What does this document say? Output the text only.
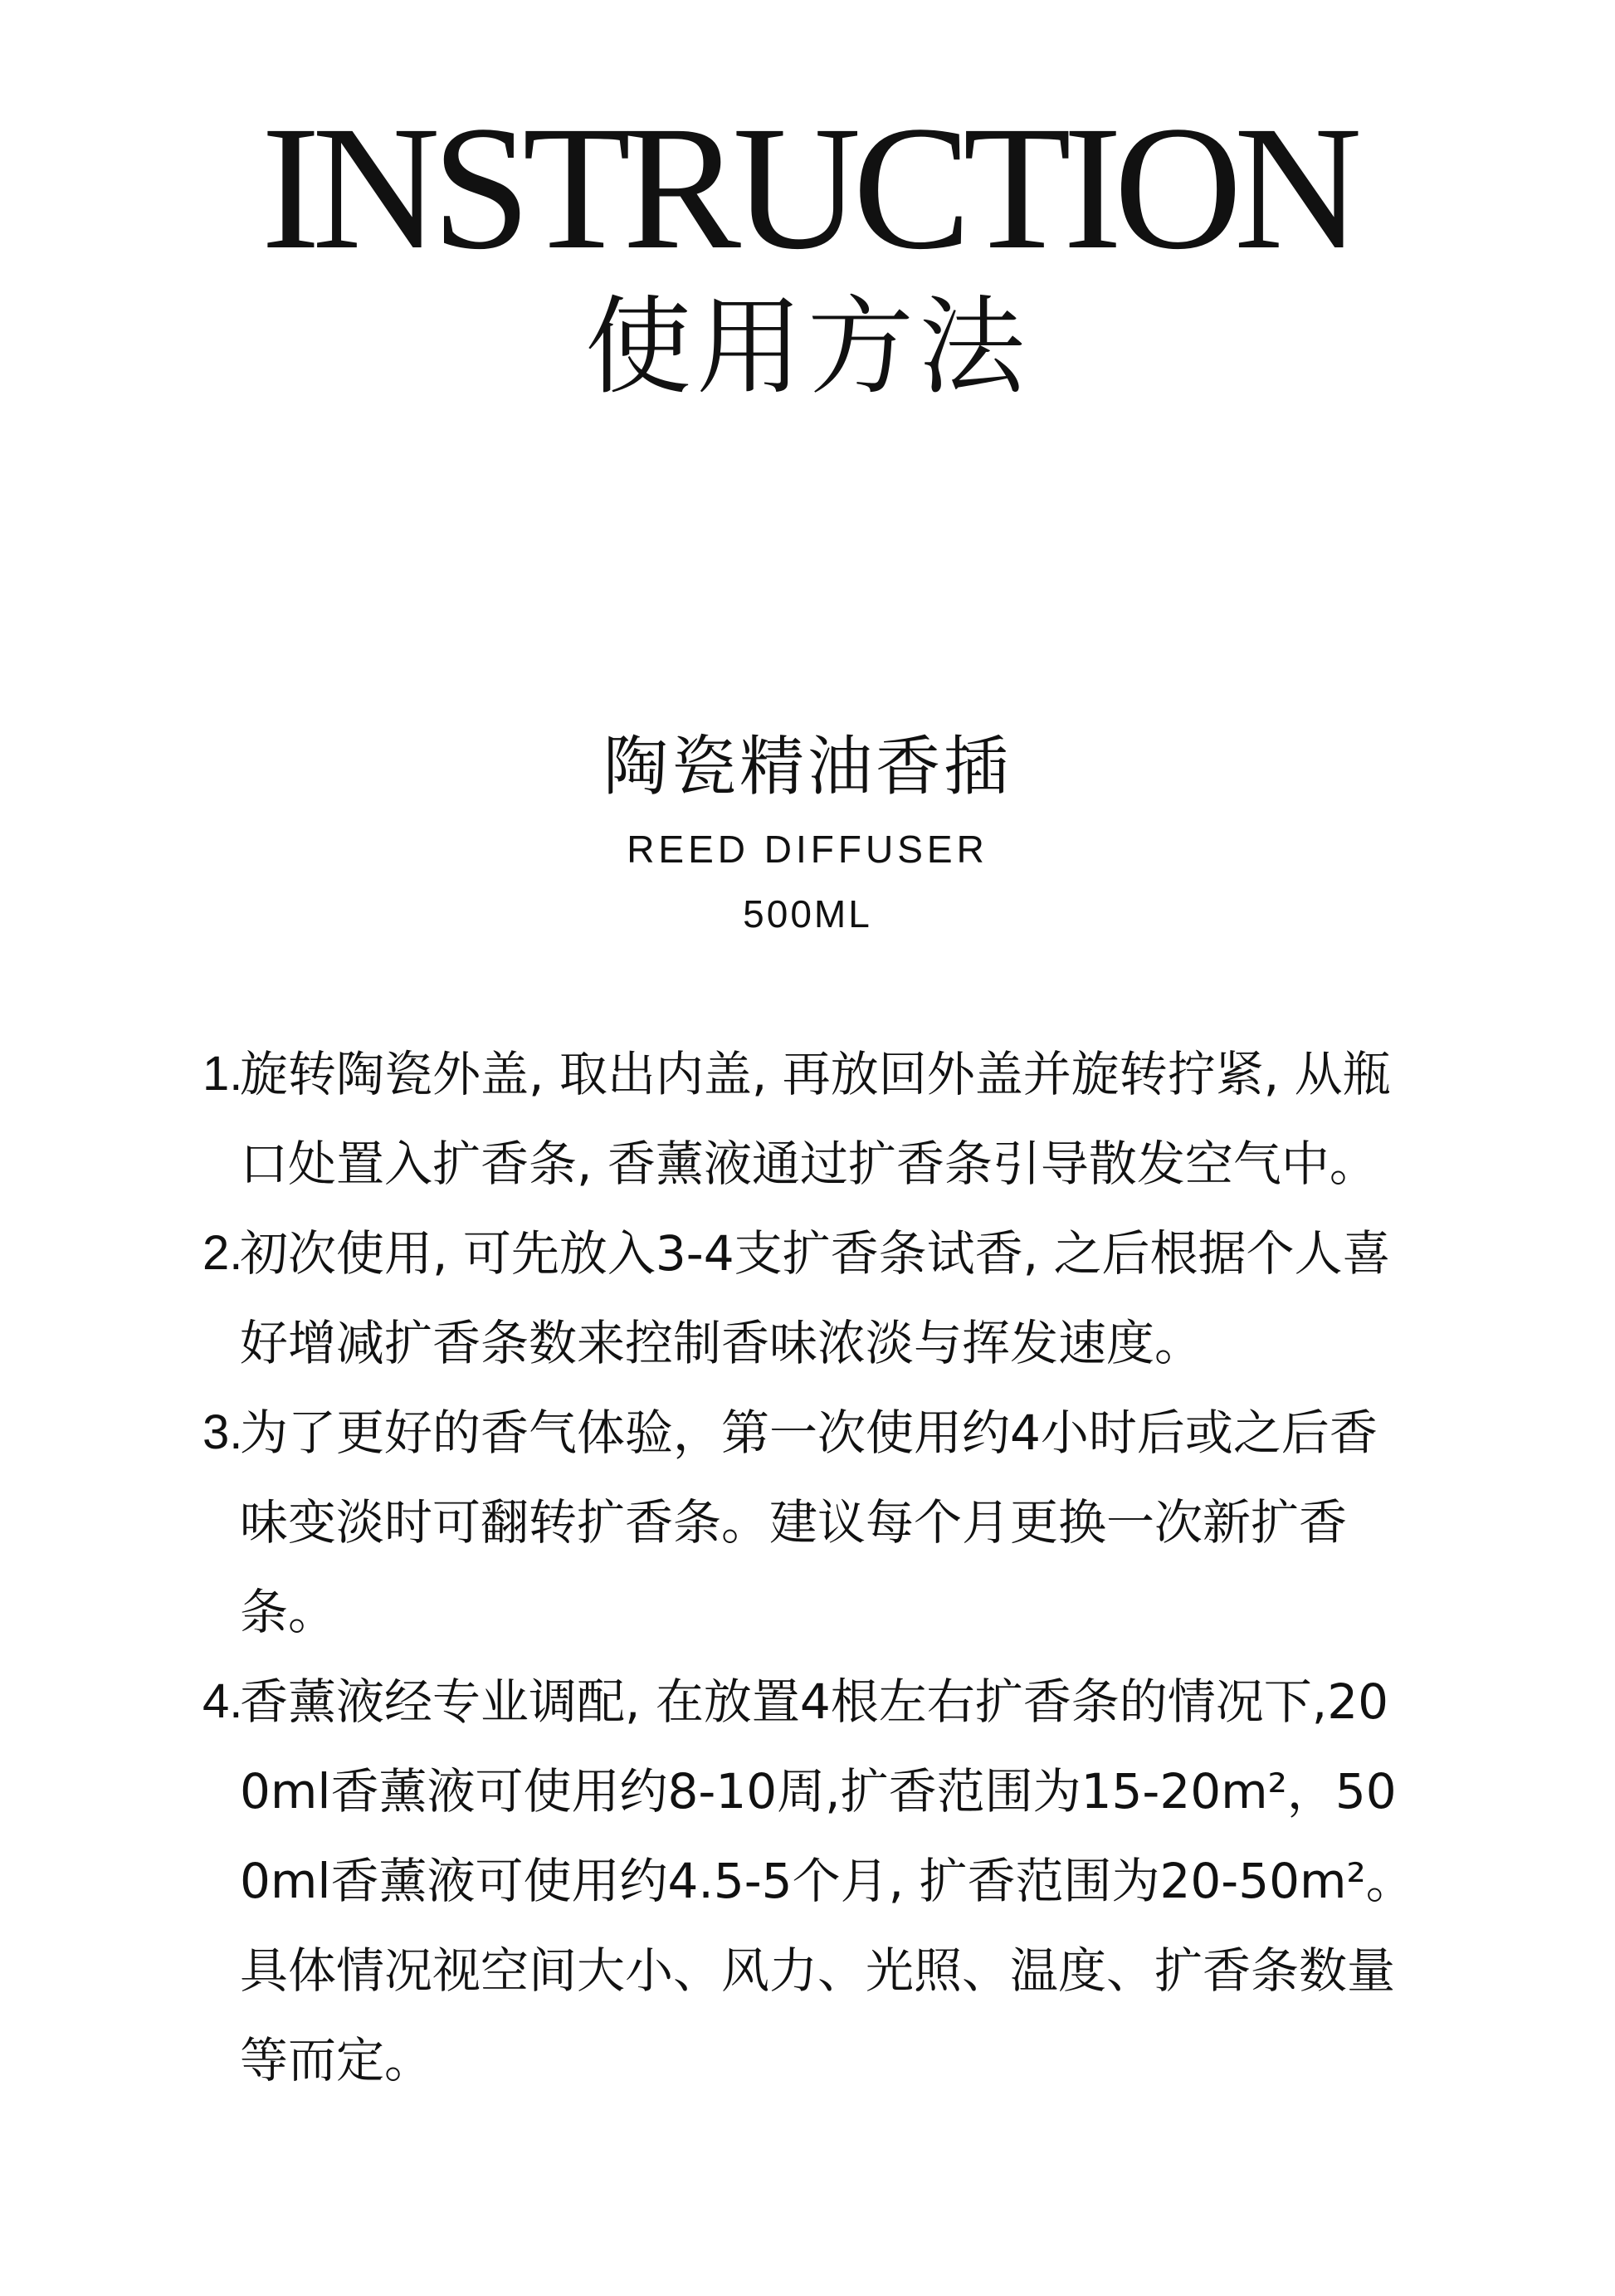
INSTRUCTION
使用方法
陶瓷精油香插
REED DIFFUSER
500ML
1.
旋转陶瓷外盖, 取出内盖, 再放回外盖并旋转拧紧, 从瓶口处置入扩香条, 香薰液通过扩香条引导散发空气中。
2.
初次使用, 可先放入3-4支扩香条试香, 之后根据个人喜好增减扩香条数来控制香味浓淡与挥发速度。
3.
为了更好的香气体验，第一次使用约4小时后或之后香味变淡时可翻转扩香条。建议每个月更换一次新扩香条。
4.
香薰液经专业调配, 在放置4根左右扩香条的情况下,200ml香薰液可使用约8-10周,扩香范围为15-20m²，500ml香薰液可使用约4.5-5个月, 扩香范围为20-50m²。具体情况视空间大小、风力、光照、温度、扩香条数量等而定。
